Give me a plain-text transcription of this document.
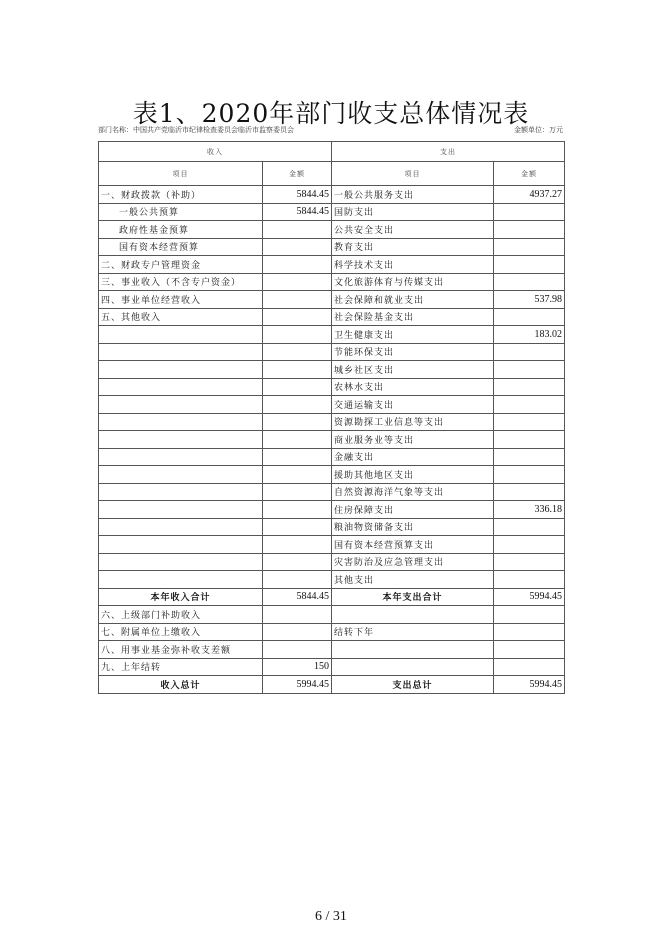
表1、2020年部门收支总体情况表
部门名称：中国共产党临沂市纪律检查委员会临沂市监察委员会	金额单位：万元
收入		支出	
项目	金额	项目	金额
一、财政拨款（补助）	5844.45	一般公共服务支出	4937.27
一般公共预算	5844.45	国防支出	
政府性基金预算		公共安全支出	
国有资本经营预算		教育支出	
二、财政专户管理资金		科学技术支出	
三、事业收入（不含专户资金）		文化旅游体育与传媒支出	
四、事业单位经营收入		社会保障和就业支出	537.98
五、其他收入		社会保险基金支出	
		卫生健康支出	183.02
		节能环保支出	
		城乡社区支出	
		农林水支出	
		交通运输支出	
		资源勘探工业信息等支出	
		商业服务业等支出	
		金融支出	
		援助其他地区支出	
		自然资源海洋气象等支出	
		住房保障支出	336.18
		粮油物资储备支出	
		国有资本经营预算支出	
		灾害防治及应急管理支出	
		其他支出	
本年收入合计	5844.45	本年支出合计	5994.45
六、上级部门补助收入			
七、附属单位上缴收入		结转下年	
八、用事业基金弥补收支差额			
九、上年结转	150		
收入总计	5994.45	支出总计	5994.45
6 / 31
